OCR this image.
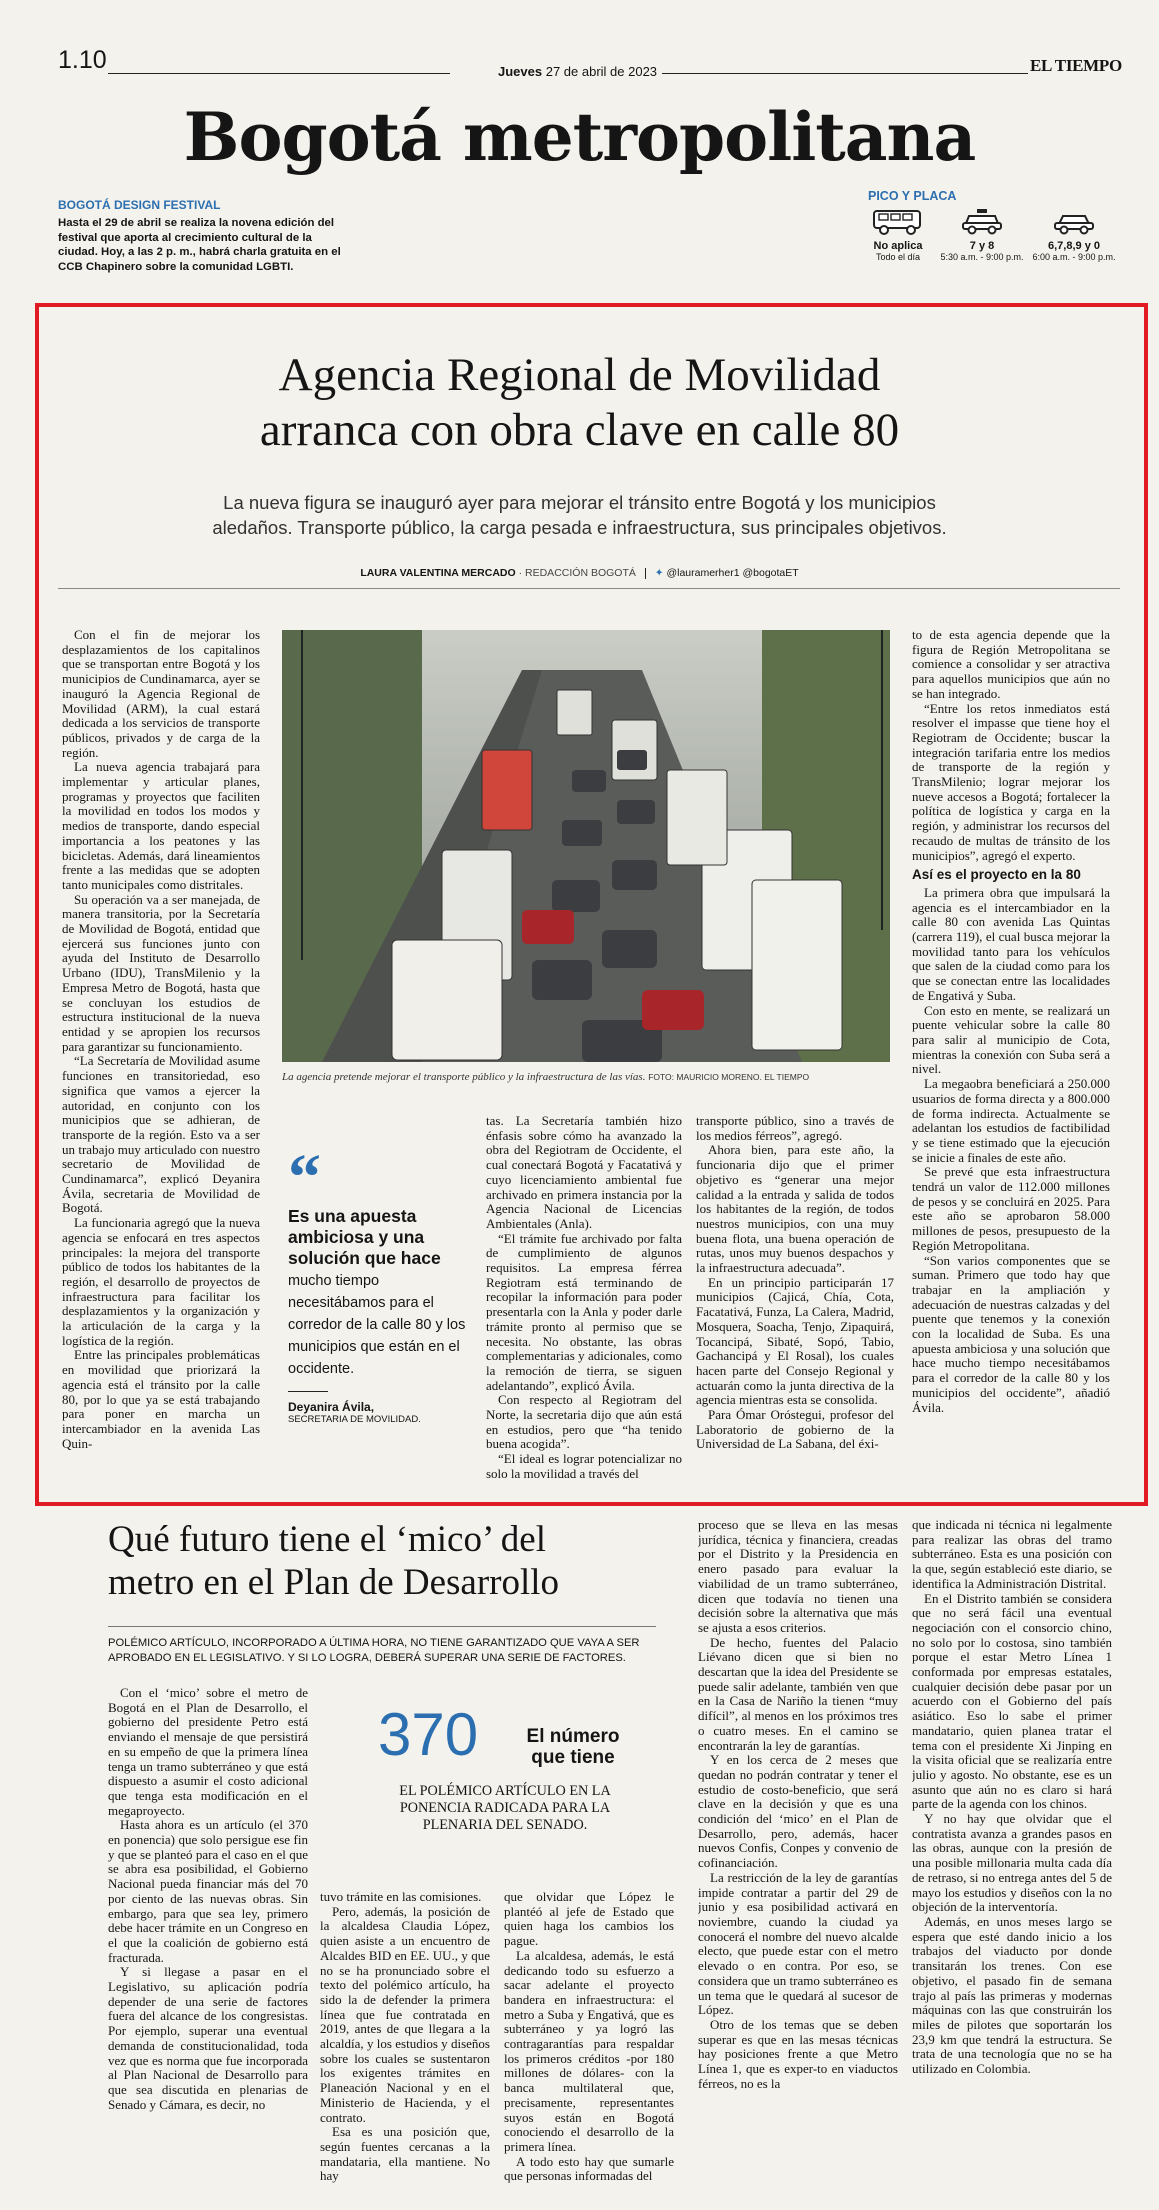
1.10	Jueves 27 de abril de 2023	EL TIEMPO
Bogotá metropolitana
BOGOTÁ DESIGN FESTIVAL
Hasta el 29 de abril se realiza la novena edición del festival que aporta al crecimiento cultural de la ciudad. Hoy, a las 2 p. m., habrá charla gratuita en el CCB Chapinero sobre la comunidad LGBTI.
PICO Y PLACA
No aplica
Todo el día
7 y 8
5:30 a.m. - 9:00 p.m.
6,7,8,9 y 0
6:00 a.m. - 9:00 p.m.
Agencia Regional de Movilidad
arranca con obra clave en calle 80
La nueva figura se inauguró ayer para mejorar el tránsito entre Bogotá y los municipios
aledaños. Transporte público, la carga pesada e infraestructura, sus principales objetivos.
LAURA VALENTINA MERCADO · REDACCIÓN BOGOTÁ ✦ @lauramerher1 @bogotaET

Con el fin de mejorar los desplazamientos de los capitalinos que se transportan entre Bogotá y los municipios de Cundinamarca, ayer se inauguró la Agencia Regional de Movilidad (ARM), la cual estará dedicada a los servicios de transporte públicos, privados y de carga de la región.

La nueva agencia trabajará para implementar y articular planes, programas y proyectos que faciliten la movilidad en todos los modos y medios de transporte, dando especial importancia a los peatones y las bicicletas. Además, dará lineamientos frente a las medidas que se adopten tanto municipales como distritales.

Su operación va a ser manejada, de manera transitoria, por la Secretaría de Movilidad de Bogotá, entidad que ejercerá sus funciones junto con ayuda del Instituto de Desarrollo Urbano (IDU), TransMilenio y la Empresa Metro de Bogotá, hasta que se concluyan los estudios de estructura institucional de la nueva entidad y se apropien los recursos para garantizar su funcionamiento.

“La Secretaría de Movilidad asume funciones en transitoriedad, eso significa que vamos a ejercer la autoridad, en conjunto con los municipios que se adhieran, de transporte de la región. Esto va a ser un trabajo muy articulado con nuestro secretario de Movilidad de Cundinamarca”, explicó Deyanira Ávila, secretaria de Movilidad de Bogotá.

La funcionaria agregó que la nueva agencia se enfocará en tres aspectos principales: la mejora del transporte público de todos los habitantes de la región, el desarrollo de proyectos de infraestructura para facilitar los desplazamientos y la organización y la articulación de la carga y la logística de la región.

Entre las principales problemáticas en movilidad que priorizará la agencia está el tránsito por la calle 80, por lo que ya se está trabajando para poner en marcha un intercambiador en la avenida Las Quin-

La agencia pretende mejorar el transporte público y la infraestructura de las vías. FOTO: MAURICIO MORENO. EL TIEMPO
“
Es una apuesta ambiciosa y una solución que hace mucho tiempo necesitábamos para el corredor de la calle 80 y los municipios que están en el occidente.
Deyanira Ávila,
SECRETARIA DE MOVILIDAD.

tas. La Secretaría también hizo énfasis sobre cómo ha avanzado la obra del Regiotram de Occidente, el cual conectará Bogotá y Facatativá y cuyo licenciamiento ambiental fue archivado en primera instancia por la Agencia Nacional de Licencias Ambientales (Anla).

“El trámite fue archivado por falta de cumplimiento de algunos requisitos. La empresa férrea Regiotram está terminando de recopilar la información para poder presentarla con la Anla y poder darle trámite pronto al permiso que se necesita. No obstante, las obras complementarias y adicionales, como la remoción de tierra, se siguen adelantando”, explicó Ávila.

Con respecto al Regiotram del Norte, la secretaria dijo que aún está en estudios, pero que “ha tenido buena acogida”.

“El ideal es lograr potencializar no solo la movilidad a través del

transporte público, sino a través de los medios férreos”, agregó.

Ahora bien, para este año, la funcionaria dijo que el primer objetivo es “generar una mejor calidad a la entrada y salida de todos los habitantes de la región, de todos nuestros municipios, con una muy buena flota, una buena operación de rutas, unos muy buenos despachos y la infraestructura adecuada”.

En un principio participarán 17 municipios (Cajicá, Chía, Cota, Facatativá, Funza, La Calera, Madrid, Mosquera, Soacha, Tenjo, Zipaquirá, Tocancipá, Sibaté, Sopó, Tabio, Gachancipá y El Rosal), los cuales hacen parte del Consejo Regional y actuarán como la junta directiva de la agencia mientras esta se consolida.

Para Ómar Oróstegui, profesor del Laboratorio de gobierno de la Universidad de La Sabana, del éxi-

to de esta agencia depende que la figura de Región Metropolitana se comience a consolidar y ser atractiva para aquellos municipios que aún no se han integrado.

“Entre los retos inmediatos está resolver el impasse que tiene hoy el Regiotram de Occidente; buscar la integración tarifaria entre los medios de transporte de la región y TransMilenio; lograr mejorar los nueve accesos a Bogotá; fortalecer la política de logística y carga en la región, y administrar los recursos del recaudo de multas de tránsito de los municipios”, agregó el experto.

Así es el proyecto en la 80

La primera obra que impulsará la agencia es el intercambiador en la calle 80 con avenida Las Quintas (carrera 119), el cual busca mejorar la movilidad tanto para los vehículos que salen de la ciudad como para los que se conectan entre las localidades de Engativá y Suba.

Con esto en mente, se realizará un puente vehicular sobre la calle 80 para salir al municipio de Cota, mientras la conexión con Suba será a nivel.

La megaobra beneficiará a 250.000 usuarios de forma directa y a 800.000 de forma indirecta. Actualmente se adelantan los estudios de factibilidad y se tiene estimado que la ejecución se inicie a finales de este año.

Se prevé que esta infraestructura tendrá un valor de 112.000 millones de pesos y se concluirá en 2025. Para este año se aprobaron 58.000 millones de pesos, presupuesto de la Región Metropolitana.

“Son varios componentes que se suman. Primero que todo hay que trabajar en la ampliación y adecuación de nuestras calzadas y del puente que tenemos y la conexión con la localidad de Suba. Es una apuesta ambiciosa y una solución que hace mucho tiempo necesitábamos para el corredor de la calle 80 y los municipios del occidente”, añadió Ávila.

Qué futuro tiene el ‘mico’ del
metro en el Plan de Desarrollo
POLÉMICO ARTÍCULO, INCORPORADO A ÚLTIMA HORA, NO TIENE GARANTIZADO QUE VAYA A SER APROBADO EN EL LEGISLATIVO. Y SI LO LOGRA, DEBERÁ SUPERAR UNA SERIE DE FACTORES.
370	El número que tiene
EL POLÉMICO ARTÍCULO EN LA PONENCIA RADICADA PARA LA PLENARIA DEL SENADO.

Con el ‘mico’ sobre el metro de Bogotá en el Plan de Desarrollo, el gobierno del presidente Petro está enviando el mensaje de que persistirá en su empeño de que la primera línea tenga un tramo subterráneo y que está dispuesto a asumir el costo adicional que tenga esta modificación en el megaproyecto.

Hasta ahora es un artículo (el 370 en ponencia) que solo persigue ese fin y que se planteó para el caso en el que se abra esa posibilidad, el Gobierno Nacional pueda financiar más del 70 por ciento de las nuevas obras. Sin embargo, para que sea ley, primero debe hacer trámite en un Congreso en el que la coalición de gobierno está fracturada.

Y si llegase a pasar en el Legislativo, su aplicación podría depender de una serie de factores fuera del alcance de los congresistas. Por ejemplo, superar una eventual demanda de constitucionalidad, toda vez que es norma que fue incorporada al Plan Nacional de Desarrollo para que sea discutida en plenarias de Senado y Cámara, es decir, no

tuvo trámite en las comisiones.

Pero, además, la posición de la alcaldesa Claudia López, quien asiste a un encuentro de Alcaldes BID en EE. UU., y que no se ha pronunciado sobre el texto del polémico artículo, ha sido la de defender la primera línea que fue contratada en 2019, antes de que llegara a la alcaldía, y los estudios y diseños sobre los cuales se sustentaron los exigentes trámites en Planeación Nacional y en el Ministerio de Hacienda, y el contrato.

Esa es una posición que, según fuentes cercanas a la mandataria, ella mantiene. No hay

que olvidar que López le plantéó al jefe de Estado que quien haga los cambios los pague.

La alcaldesa, además, le está dedicando todo su esfuerzo a sacar adelante el proyecto bandera en infraestructura: el metro a Suba y Engativá, que es subterráneo y ya logró las contragarantías para respaldar los primeros créditos -por 180 millones de dólares- con la banca multilateral que, precisamente, representantes suyos están en Bogotá conociendo el desarrollo de la primera línea.

A todo esto hay que sumarle que personas informadas del

proceso que se lleva en las mesas jurídica, técnica y financiera, creadas por el Distrito y la Presidencia en enero pasado para evaluar la viabilidad de un tramo subterráneo, dicen que todavía no tienen una decisión sobre la alternativa que más se ajusta a esos criterios.

De hecho, fuentes del Palacio Liévano dicen que si bien no descartan que la idea del Presidente se puede salir adelante, también ven que en la Casa de Nariño la tienen “muy difícil”, al menos en los próximos tres o cuatro meses. En el camino se encontrarán la ley de garantías.

Y en los cerca de 2 meses que quedan no podrán contratar y tener el estudio de costo-beneficio, que será clave en la decisión y que es una condición del ‘mico’ en el Plan de Desarrollo, pero, además, hacer nuevos Confis, Conpes y convenio de cofinanciación.

La restricción de la ley de garantías impide contratar a partir del 29 de junio y esa posibilidad activará en noviembre, cuando la ciudad ya conocerá el nombre del nuevo alcalde electo, que puede estar con el metro elevado o en contra. Por eso, se considera que un tramo subterráneo es un tema que le quedará al sucesor de López.

Otro de los temas que se deben superar es que en las mesas técnicas hay posiciones frente a que Metro Línea 1, que es exper-to en viaductos férreos, no es la

que indicada ni técnica ni legalmente para realizar las obras del tramo subterráneo. Esta es una posición con la que, según estableció este diario, se identifica la Administración Distrital.

En el Distrito también se considera que no será fácil una eventual negociación con el consorcio chino, no solo por lo costosa, sino también porque el estar Metro Línea 1 conformada por empresas estatales, cualquier decisión debe pasar por un acuerdo con el Gobierno del país asiático. Eso lo sabe el primer mandatario, quien planea tratar el tema con el presidente Xi Jinping en la visita oficial que se realizaría entre julio y agosto. No obstante, ese es un asunto que aún no es claro si hará parte de la agenda con los chinos.

Y no hay que olvidar que el contratista avanza a grandes pasos en las obras, aunque con la presión de una posible millonaria multa cada día de retraso, si no entrega antes del 5 de mayo los estudios y diseños con la no objeción de la interventoría.

Además, en unos meses largo se espera que esté dando inicio a los trabajos del viaducto por donde transitarán los trenes. Con ese objetivo, el pasado fin de semana trajo al país las primeras y modernas máquinas con las que construirán los miles de pilotes que soportarán los 23,9 km que tendrá la estructura. Se trata de una tecnología que no se ha utilizado en Colombia.
